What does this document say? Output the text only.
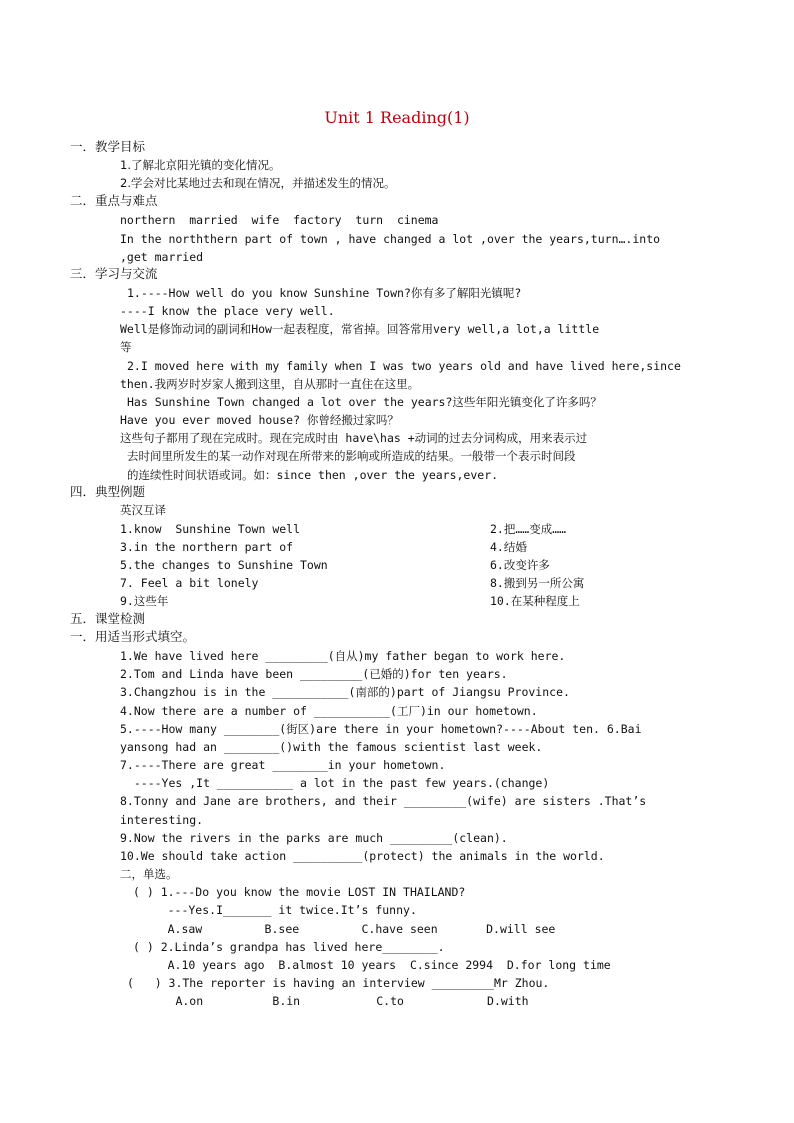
Unit 1 Reading(1)
一．教学目标
1.了解北京阳光镇的变化情况。
2.学会对比某地过去和现在情况，并描述发生的情况。
二．重点与难点
northern  married  wife  factory  turn  cinema
In the norththern part of town , have changed a lot ,over the years,turn….into
,get married
三．学习与交流
1.----How well do you know Sunshine Town?你有多了解阳光镇呢?
----I know the place very well.
Well是修饰动词的副词和How一起表程度，常省掉。回答常用very well,a lot,a little
等
2.I moved here with my family when I was two years old and have lived here,since
then.我两岁时岁家人搬到这里，自从那时一直住在这里。
Has Sunshine Town changed a lot over the years?这些年阳光镇变化了许多吗？
Have you ever moved house? 你曾经搬过家吗？
这些句子都用了现在完成时。现在完成时由 have\has +动词的过去分词构成，用来表示过
去时间里所发生的某一动作对现在所带来的影响或所造成的结果。一般带一个表示时间段
的连续性时间状语或词。如：since then ,over the years,ever.
四．典型例题
英汉互译
1.know  Sunshine Town well
3.in the northern part of
5.the changes to Sunshine Town
7. Feel a bit lonely
9.这些年
2.把……变成……
4.结婚
6.改变许多
8.搬到另一所公寓
10.在某种程度上
五．课堂检测
一．用适当形式填空。
1.We have lived here _________(自从)my father began to work here.
2.Tom and Linda have been _________(已婚的)for ten years.
3.Changzhou is in the ___________(南部的)part of Jiangsu Province.
4.Now there are a number of ___________(工厂)in our hometown.
5.----How many ________(街区)are there in your hometown?----About ten. 6.Bai
yansong had an ________()with the famous scientist last week.
7.----There are great ________in your hometown.
----Yes ,It ___________ a lot in the past few years.(change)
8.Tonny and Jane are brothers, and their _________(wife) are sisters .That’s
interesting.
9.Now the rivers in the parks are much _________(clean).
10.We should take action __________(protect) the animals in the world.
二，单选。
( ) 1.---Do you know the movie LOST IN THAILAND?
---Yes.I_______ it twice.It’s funny.
A.saw         B.see         C.have seen       D.will see
( ) 2.Linda’s grandpa has lived here________.
A.10 years ago  B.almost 10 years  C.since 2994  D.for long time
(   ) 3.The reporter is having an interview _________Mr Zhou.
A.on          B.in           C.to            D.with
